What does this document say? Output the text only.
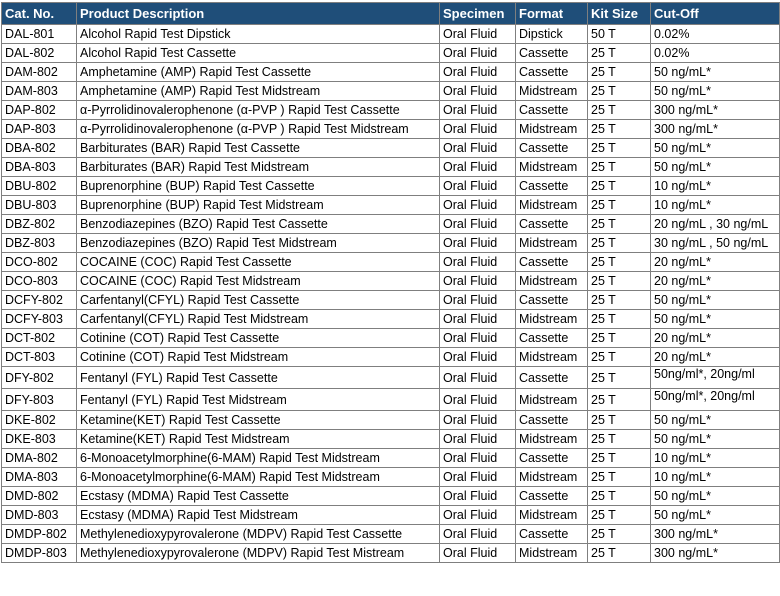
Cat. No.	Product Description	Specimen	Format	Kit Size	Cut-Off
DAL-801	Alcohol Rapid Test Dipstick	Oral Fluid	Dipstick	50 T	0.02%
DAL-802	Alcohol Rapid Test Cassette	Oral Fluid	Cassette	25 T	0.02%
DAM-802	Amphetamine (AMP) Rapid Test Cassette	Oral Fluid	Cassette	25 T	50 ng/mL*
DAM-803	Amphetamine (AMP) Rapid Test Midstream	Oral Fluid	Midstream	25 T	50 ng/mL*
DAP-802	α-Pyrrolidinovalerophenone (α-PVP ) Rapid Test Cassette	Oral Fluid	Cassette	25 T	300 ng/mL*
DAP-803	α-Pyrrolidinovalerophenone (α-PVP ) Rapid Test Midstream	Oral Fluid	Midstream	25 T	300 ng/mL*
DBA-802	Barbiturates (BAR) Rapid Test Cassette	Oral Fluid	Cassette	25 T	50 ng/mL*
DBA-803	Barbiturates (BAR) Rapid Test Midstream	Oral Fluid	Midstream	25 T	50 ng/mL*
DBU-802	Buprenorphine (BUP) Rapid Test Cassette	Oral Fluid	Cassette	25 T	10 ng/mL*
DBU-803	Buprenorphine (BUP) Rapid Test Midstream	Oral Fluid	Midstream	25 T	10 ng/mL*
DBZ-802	Benzodiazepines (BZO) Rapid Test Cassette	Oral Fluid	Cassette	25 T	20 ng/mL , 30 ng/mL
DBZ-803	Benzodiazepines (BZO) Rapid Test Midstream	Oral Fluid	Midstream	25 T	30 ng/mL , 50 ng/mL
DCO-802	COCAINE (COC) Rapid Test Cassette	Oral Fluid	Cassette	25 T	20 ng/mL*
DCO-803	COCAINE (COC) Rapid Test Midstream	Oral Fluid	Midstream	25 T	20 ng/mL*
DCFY-802	Carfentanyl(CFYL) Rapid Test Cassette	Oral Fluid	Cassette	25 T	50 ng/mL*
DCFY-803	Carfentanyl(CFYL) Rapid Test Midstream	Oral Fluid	Midstream	25 T	50 ng/mL*
DCT-802	Cotinine (COT) Rapid Test Cassette	Oral Fluid	Cassette	25 T	20 ng/mL*
DCT-803	Cotinine (COT) Rapid Test Midstream	Oral Fluid	Midstream	25 T	20 ng/mL*
DFY-802	Fentanyl (FYL) Rapid Test Cassette	Oral Fluid	Cassette	25 T	50ng/ml*, 20ng/ml
DFY-803	Fentanyl (FYL) Rapid Test Midstream	Oral Fluid	Midstream	25 T	50ng/ml*, 20ng/ml
DKE-802	Ketamine(KET) Rapid Test Cassette	Oral Fluid	Cassette	25 T	50 ng/mL*
DKE-803	Ketamine(KET) Rapid Test Midstream	Oral Fluid	Midstream	25 T	50 ng/mL*
DMA-802	6-Monoacetylmorphine(6-MAM) Rapid Test Midstream	Oral Fluid	Cassette	25 T	10 ng/mL*
DMA-803	6-Monoacetylmorphine(6-MAM) Rapid Test Midstream	Oral Fluid	Midstream	25 T	10 ng/mL*
DMD-802	Ecstasy (MDMA) Rapid Test Cassette	Oral Fluid	Cassette	25 T	50 ng/mL*
DMD-803	Ecstasy (MDMA) Rapid Test Midstream	Oral Fluid	Midstream	25 T	50 ng/mL*
DMDP-802	Methylenedioxypyrovalerone (MDPV) Rapid Test Cassette	Oral Fluid	Cassette	25 T	300 ng/mL*
DMDP-803	Methylenedioxypyrovalerone (MDPV) Rapid Test Mistream	Oral Fluid	Midstream	25 T	300 ng/mL*
